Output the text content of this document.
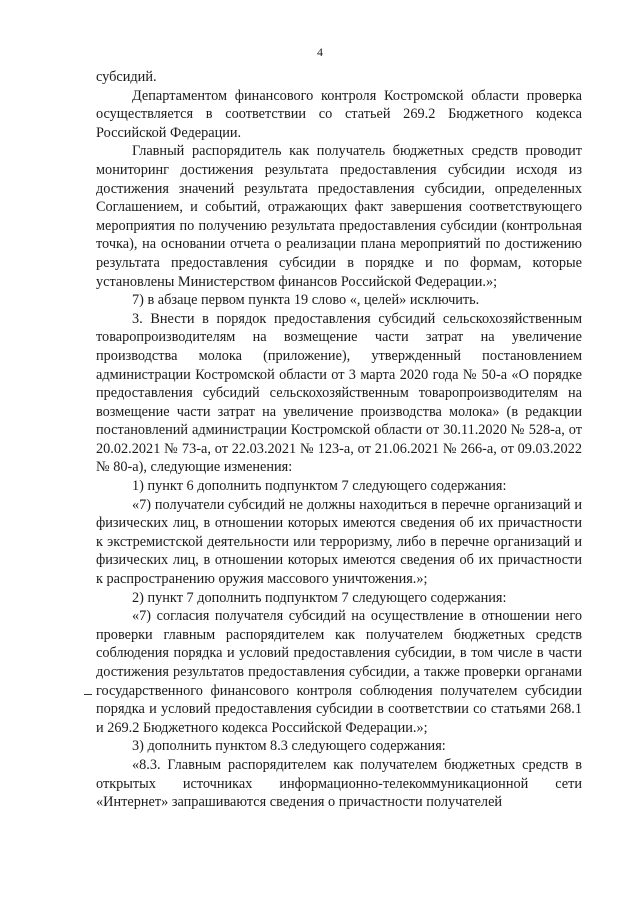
4

субсидий.

Департаментом финансового контроля Костромской области проверка осуществляется в соответствии со статьей 269.2 Бюджетного кодекса Российской Федерации.

Главный распорядитель как получатель бюджетных средств проводит мониторинг достижения результата предоставления субсидии исходя из достижения значений результата предоставления субсидии, определенных Соглашением, и событий, отражающих факт завершения соответствующего мероприятия по получению результата предоставления субсидии (контрольная точка), на основании отчета о реализации плана мероприятий по достижению результата предоставления субсидии в порядке и по формам, которые установлены Министерством финансов Российской Федерации.»;

7) в абзаце первом пункта 19 слово «, целей» исключить.

3. Внести в порядок предоставления субсидий сельскохозяйственным товаропроизводителям на возмещение части затрат на увеличение производства молока (приложение), утвержденный постановлением администрации Костромской области от 3 марта 2020 года № 50-а «О порядке предоставления субсидий сельскохозяйственным товаропроизводителям на возмещение части затрат на увеличение производства молока» (в редакции постановлений администрации Костромской области от 30.11.2020 № 528-а, от 20.02.2021 № 73-а, от 22.03.2021 № 123-а, от 21.06.2021 № 266-а, от 09.03.2022 № 80-а), следующие изменения:

1) пункт 6 дополнить подпунктом 7 следующего содержания:

«7) получатели субсидий не должны находиться в перечне организаций и физических лиц, в отношении которых имеются сведения об их причастности к экстремистской деятельности или терроризму, либо в перечне организаций и физических лиц, в отношении которых имеются сведения об их причастности к распространению оружия массового уничтожения.»;

2) пункт 7 дополнить подпунктом 7 следующего содержания:

«7) согласия получателя субсидий на осуществление в отношении него проверки главным распорядителем как получателем бюджетных средств соблюдения порядка и условий предоставления субсидии, в том числе в части достижения результатов предоставления субсидии, а также проверки органами государственного финансового контроля соблюдения получателем субсидии порядка и условий предоставления субсидии в соответствии со статьями 268.1 и 269.2 Бюджетного кодекса Российской Федерации.»;

3) дополнить пунктом 8.3 следующего содержания:

«8.3. Главным распорядителем как получателем бюджетных средств в открытых источниках информационно-телекоммуникационной сети «Интернет» запрашиваются сведения о причастности получателей
